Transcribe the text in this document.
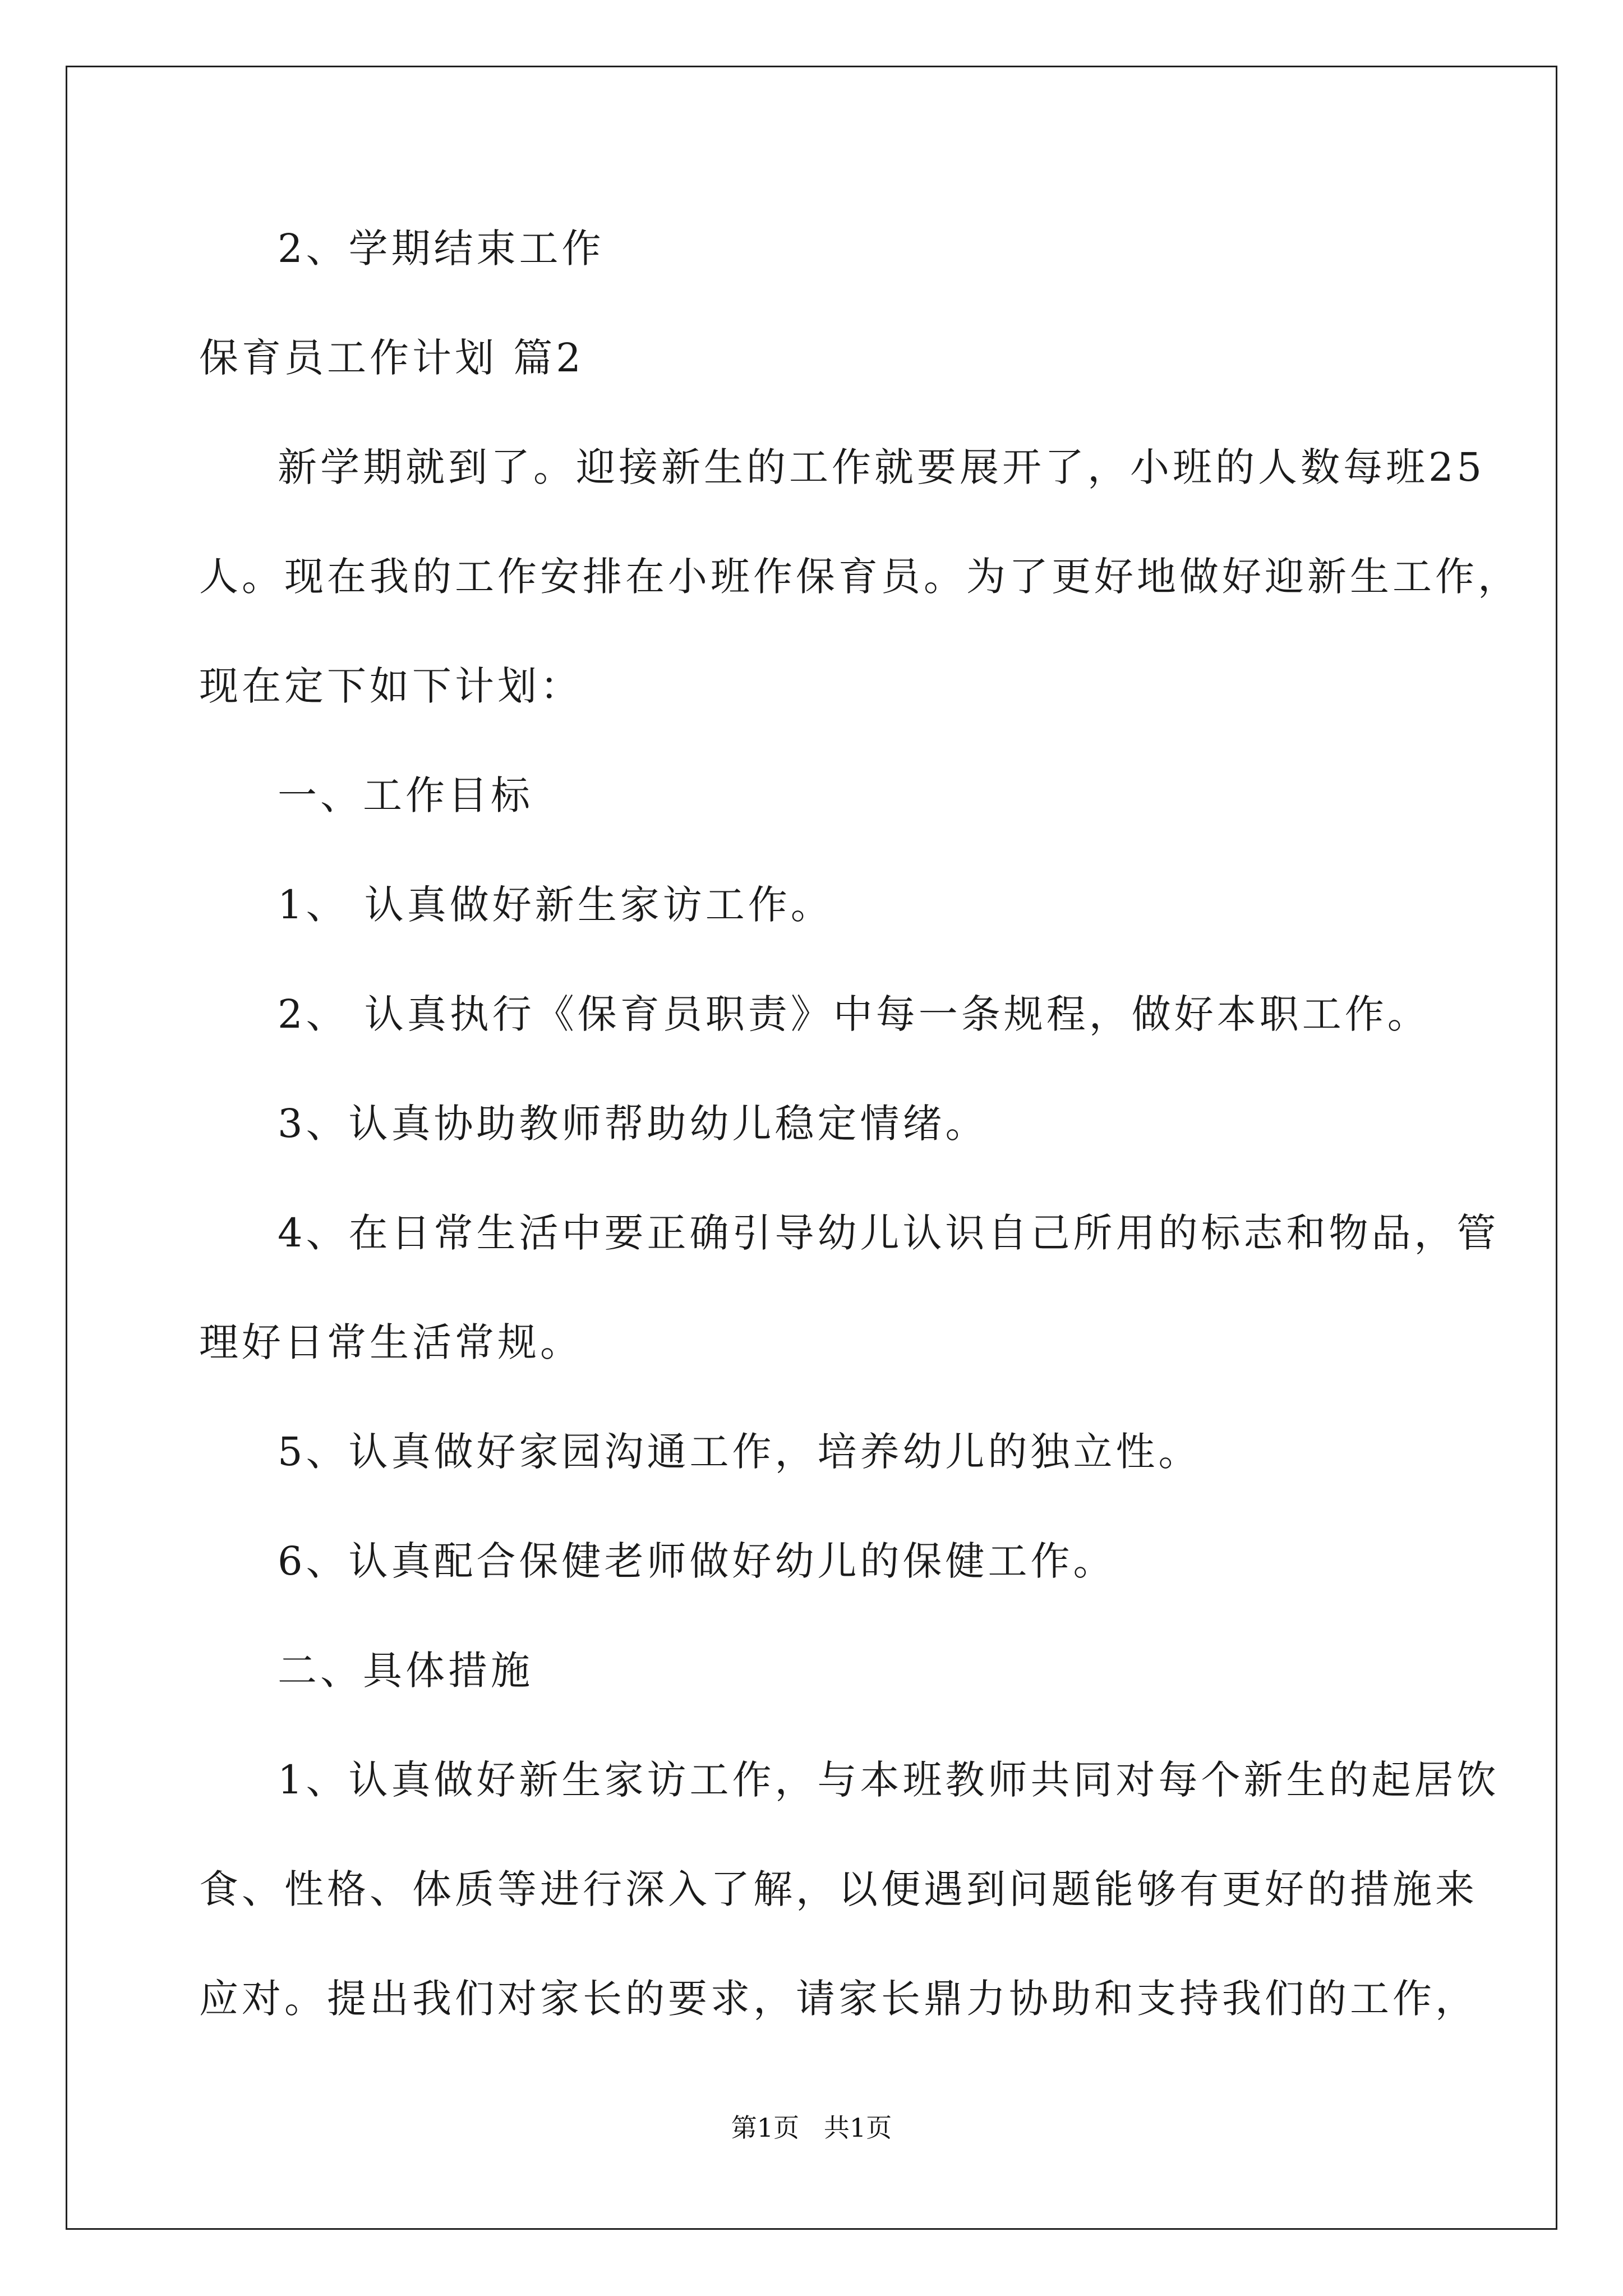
2、学期结束工作
保育员工作计划 篇2
新学期就到了。迎接新生的工作就要展开了，小班的人数每班25
人。现在我的工作安排在小班作保育员。为了更好地做好迎新生工作，
现在定下如下计划：
一、工作目标
1、 认真做好新生家访工作。
2、 认真执行《保育员职责》中每一条规程，做好本职工作。
3、认真协助教师帮助幼儿稳定情绪。
4、在日常生活中要正确引导幼儿认识自己所用的标志和物品，管
理好日常生活常规。
5、认真做好家园沟通工作，培养幼儿的独立性。
6、认真配合保健老师做好幼儿的保健工作。
二、具体措施
1、认真做好新生家访工作，与本班教师共同对每个新生的起居饮
食、性格、体质等进行深入了解，以便遇到问题能够有更好的措施来
应对。提出我们对家长的要求，请家长鼎力协助和支持我们的工作，
第1页   共1页
